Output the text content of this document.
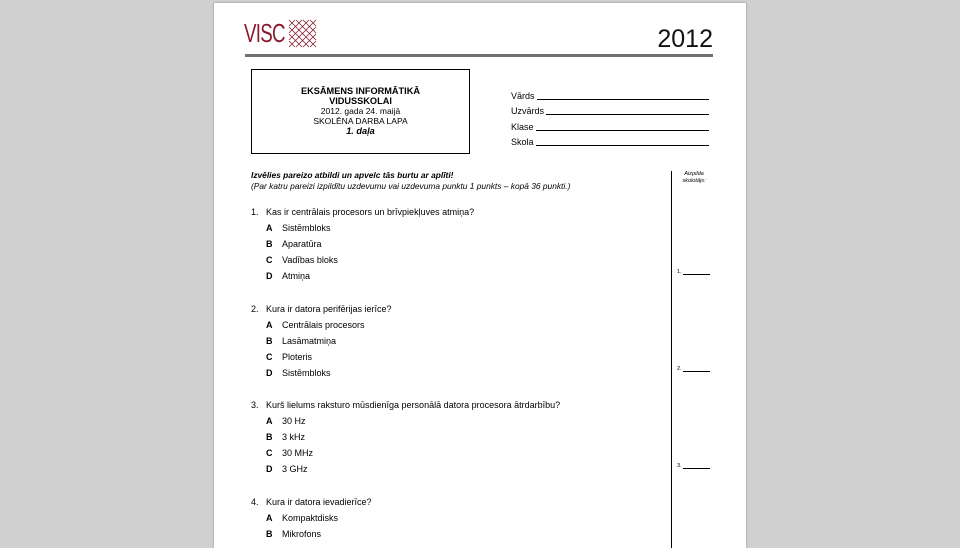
VISC	2012
EKSĀMENS INFORMĀTIKĀ
VIDUSSKOLAI
2012. gada 24. maijā
SKOLĒNA DARBA LAPA
1. daļa
Vārds
Uzvārds
Klase
Skola
Izvēlies pareizo atbildi un apvelc tās burtu ar aplīti!
(Par katru pareizi izpildītu uzdevumu vai uzdevuma punktu 1 punkts – kopā 36 punkti.)
Aizpilda
skolotājs:
1. Kas ir centrālais procesors un brīvpiekļuves atmiņa?
A Sistēmbloks
B Aparatūra
C Vadības bloks
D Atmiņa	1.
2. Kura ir datora perifērijas ierīce?
A Centrālais procesors
B Lasāmatmiņa
C Ploteris
D Sistēmbloks	2.
3. Kurš lielums raksturo mūsdienīga personālā datora procesora ātrdarbību?
A 30 Hz
B 3 kHz
C 30 MHz
D 3 GHz	3.
4. Kura ir datora ievadierīce?
A Kompaktdisks
B Mikrofons
